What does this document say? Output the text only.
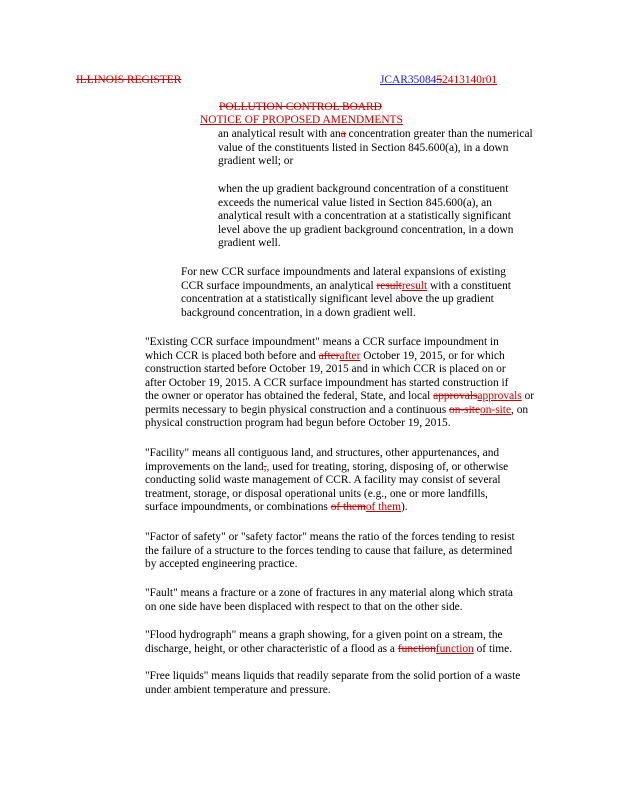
ILLINOIS REGISTER	JCAR3508452413140r01
POLLUTION CONTROL BOARD
NOTICE OF PROPOSED AMENDMENTS
an analytical result with ana concentration greater than the numerical
value of the constituents listed in Section 845.600(a), in a down
gradient well; or
when the up gradient background concentration of a constituent
exceeds the numerical value listed in Section 845.600(a), an
analytical result with a concentration at a statistically significant
level above the up gradient background concentration, in a down
gradient well.
For new CCR surface impoundments and lateral expansions of existing
CCR surface impoundments, an analytical resultresult with a constituent
concentration at a statistically significant level above the up gradient
background concentration, in a down gradient well.
"Existing CCR surface impoundment" means a CCR surface impoundment in
which CCR is placed both before and afterafter October 19, 2015, or for which
construction started before October 19, 2015 and in which CCR is placed on or
after October 19, 2015. A CCR surface impoundment has started construction if
the owner or operator has obtained the federal, State, and local approvalsapprovals or
permits necessary to begin physical construction and a continuous on-siteon-site, on
physical construction program had begun before October 19, 2015.
"Facility" means all contiguous land, and structures, other appurtenances, and
improvements on the land,, used for treating, storing, disposing of, or otherwise
conducting solid waste management of CCR. A facility may consist of several
treatment, storage, or disposal operational units (e.g., one or more landfills,
surface impoundments, or combinations of themof them).
"Factor of safety" or "safety factor" means the ratio of the forces tending to resist
the failure of a structure to the forces tending to cause that failure, as determined
by accepted engineering practice.
"Fault" means a fracture or a zone of fractures in any material along which strata
on one side have been displaced with respect to that on the other side.
"Flood hydrograph" means a graph showing, for a given point on a stream, the
discharge, height, or other characteristic of a flood as a functionfunction of time.
"Free liquids" means liquids that readily separate from the solid portion of a waste
under ambient temperature and pressure.
